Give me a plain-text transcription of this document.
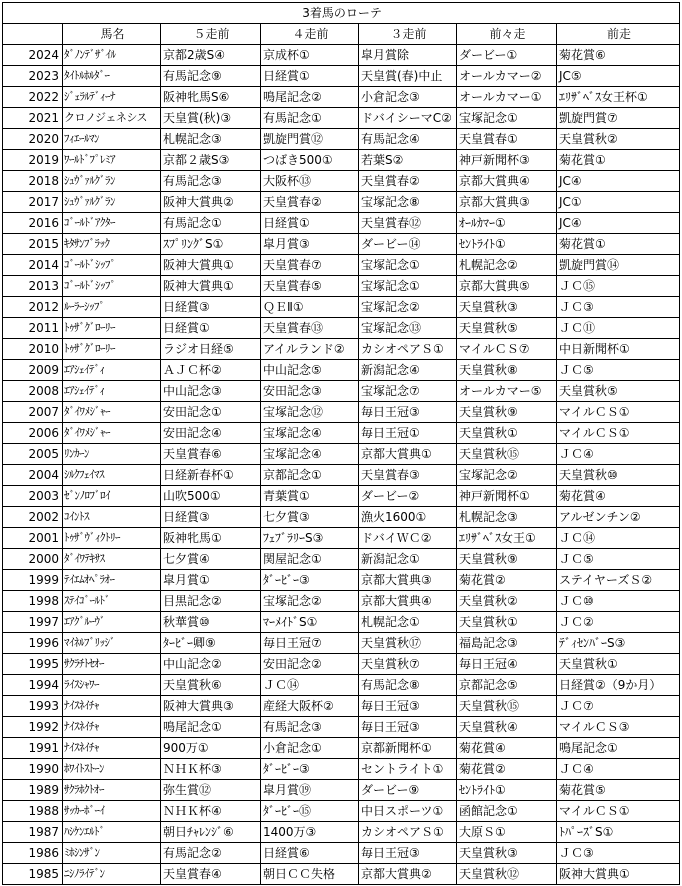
3着馬のローテ						
	馬名	５走前	４走前	３走前	前々走	前走
2024	ﾀﾞﾉﾝﾃﾞｻﾞｲﾙ	京都2歳S④	京成杯①	皐月賞除	ダービー①	菊花賞⑥
2023	ﾀｲﾄﾙﾎﾙﾀﾞｰ	有馬記念⑨	日経賞①	天皇賞(春)中止	オールカマー②	JC⑤
2022	ｼﾞｪﾗﾙﾃﾞｨｰﾅ	阪神牝馬S⑥	鳴尾記念②	小倉記念③	オールカマー①	ｴﾘｻﾞﾍﾞｽ女王杯①
2021	クロノジェネシス	天皇賞(秋)③	有馬記念①	ドバイシーマC②	宝塚記念①	凱旋門賞⑦
2020	ﾌｨｴｰﾙﾏﾝ	札幌記念③	凱旋門賞⑫	有馬記念④	天皇賞春①	天皇賞秋②
2019	ﾜｰﾙﾄﾞﾌﾟﾚﾐｱ	京都２歳S③	つばき500①	若葉S②	神戸新聞杯③	菊花賞①
2018	ｼｭｳﾞｧﾙｸﾞﾗﾝ	有馬記念③	大阪杯⑬	天皇賞春②	京都大賞典④	JC④
2017	ｼｭｳﾞｧﾙｸﾞﾗﾝ	阪神大賞典②	天皇賞春②	宝塚記念⑧	京都大賞典③	JC①
2016	ｺﾞｰﾙﾄﾞｱｸﾀｰ	有馬記念①	日経賞①	天皇賞春⑫	ｵｰﾙｶﾏｰ①	JC④
2015	ｷﾀｻﾝﾌﾞﾗｯｸ	ｽﾌﾟﾘﾝｸﾞS①	皐月賞③	ダービー⑭	ｾﾝﾄﾗｲﾄ①	菊花賞①
2014	ｺﾞｰﾙﾄﾞｼｯﾌﾟ	阪神大賞典①	天皇賞春⑦	宝塚記念①	札幌記念②	凱旋門賞⑭
2013	ｺﾞｰﾙﾄﾞｼｯﾌﾟ	阪神大賞典①	天皇賞春⑤	宝塚記念①	京都大賞典⑤	ＪＣ⑮
2012	ﾙｰﾗｰｼｯﾌﾟ	日経賞③	ＱＥⅡ①	宝塚記念②	天皇賞秋③	ＪＣ③
2011	ﾄｩｻﾞｸﾞﾛｰﾘｰ	日経賞①	天皇賞春⑬	宝塚記念⑬	天皇賞秋⑤	ＪＣ⑪
2010	ﾄｩｻﾞｸﾞﾛｰﾘｰ	ラジオ日経⑤	アイルランド②	カシオペアＳ①	マイルＣＳ⑦	中日新聞杯①
2009	ｴｱｼｪｲﾃﾞｨ	ＡＪＣ杯②	中山記念⑤	新潟記念④	天皇賞秋⑧	ＪＣ⑤
2008	ｴｱｼｪｲﾃﾞｨ	中山記念③	安田記念③	宝塚記念⑦	オールカマー⑤	天皇賞秋⑤
2007	ﾀﾞｲﾜﾒｼﾞｬｰ	安田記念①	宝塚記念⑫	毎日王冠③	天皇賞秋⑨	マイルＣＳ①
2006	ﾀﾞｲﾜﾒｼﾞｬｰ	安田記念④	宝塚記念④	毎日王冠①	天皇賞秋①	マイルＣＳ①
2005	ﾘﾝｶｰﾝ	天皇賞春⑥	宝塚記念④	京都大賞典①	天皇賞秋⑮	ＪＣ④
2004	ｼﾙｸﾌｪｲﾏｽ	日経新春杯①	京都記念①	天皇賞春③	宝塚記念②	天皇賞秋⑩
2003	ｾﾞﾝﾉﾛﾌﾞﾛｲ	山吹500①	青葉賞①	ダービー②	神戸新聞杯①	菊花賞④
2002	ｺｲﾝﾄｽ	日経賞③	七夕賞③	漁火1600①	札幌記念③	アルゼンチン②
2001	ﾄｩｻﾞｳﾞｨｸﾄﾘｰ	阪神牝馬①	ﾌｪﾌﾞﾗﾘｰS③	ドバイＷＣ②	ｴﾘｻﾞﾍﾞｽ女王①	ＪＣ⑭
2000	ﾀﾞｲﾜﾃｷｻｽ	七夕賞④	関屋記念①	新潟記念①	天皇賞秋⑨	ＪＣ⑤
1999	ﾃｲｴﾑｵﾍﾟﾗｵｰ	皐月賞①	ﾀﾞｰﾋﾞｰ③	京都大賞典③	菊花賞②	ステイヤーズＳ②
1998	ｽﾃｲｺﾞｰﾙﾄﾞ	目黒記念②	宝塚記念②	京都大賞典④	天皇賞秋②	ＪＣ⑩
1997	ｴｱｸﾞﾙｰｳﾞ	秋華賞⑩	ﾏｰﾒｲﾄﾞS①	札幌記念①	天皇賞秋①	ＪＣ②
1996	ﾏｲﾈﾙﾌﾞﾘｯｼﾞ	ﾀｰﾋﾞｰ卿⑨	毎日王冠⑦	天皇賞秋⑰	福島記念③	ﾃﾞｨｾﾝﾊﾞｰS③
1995	ｻｸﾗﾁﾄｾｵｰ	中山記念②	安田記念②	天皇賞秋⑦	毎日王冠④	天皇賞秋①
1994	ﾗｲｽｼｬﾜｰ	天皇賞秋⑥	ＪＣ⑭	有馬記念⑧	京都記念⑤	日経賞②（9か月）
1993	ﾅｲｽﾈｲﾁｬ	阪神大賞典③	産経大阪杯②	毎日王冠③	天皇賞秋⑮	ＪＣ⑦
1992	ﾅｲｽﾈｲﾁｬ	鳴尾記念①	有馬記念③	毎日王冠③	天皇賞秋④	マイルＣＳ③
1991	ﾅｲｽﾈｲﾁｬ	900万①	小倉記念①	京都新聞杯①	菊花賞④	鳴尾記念①
1990	ﾎﾜｲﾄｽﾄｰﾝ	ＮＨＫ杯③	ﾀﾞｰﾋﾞｰ③	セントライト①	菊花賞②	ＪＣ④
1989	ｻｸﾗﾎｸﾄｵｰ	弥生賞⑫	皐月賞⑲	ダービー⑨	ｾﾝﾄﾗｲﾄ①	菊花賞⑤
1988	ｻｯｶｰﾎﾞｰｲ	ＮＨＫ杯④	ﾀﾞｰﾋﾞｰ⑮	中日スポーツ①	函館記念①	マイルＣＳ①
1987	ﾊｼｹﾝｴﾙﾄﾞ	朝日ﾁｬﾚﾝｼﾞ⑥	1400万③	カシオペアＳ①	大原Ｓ①	ﾄﾊﾟｰｽﾞS①
1986	ﾐﾎｼﾝｻﾞﾝ	有馬記念②	日経賞⑥	毎日王冠③	天皇賞秋③	ＪＣ③
1985	ﾆｼﾉﾗｲﾃﾞﾝ	天皇賞春④	朝日ＣＣ失格	京都大賞典②	天皇賞秋⑫	阪神大賞典①
